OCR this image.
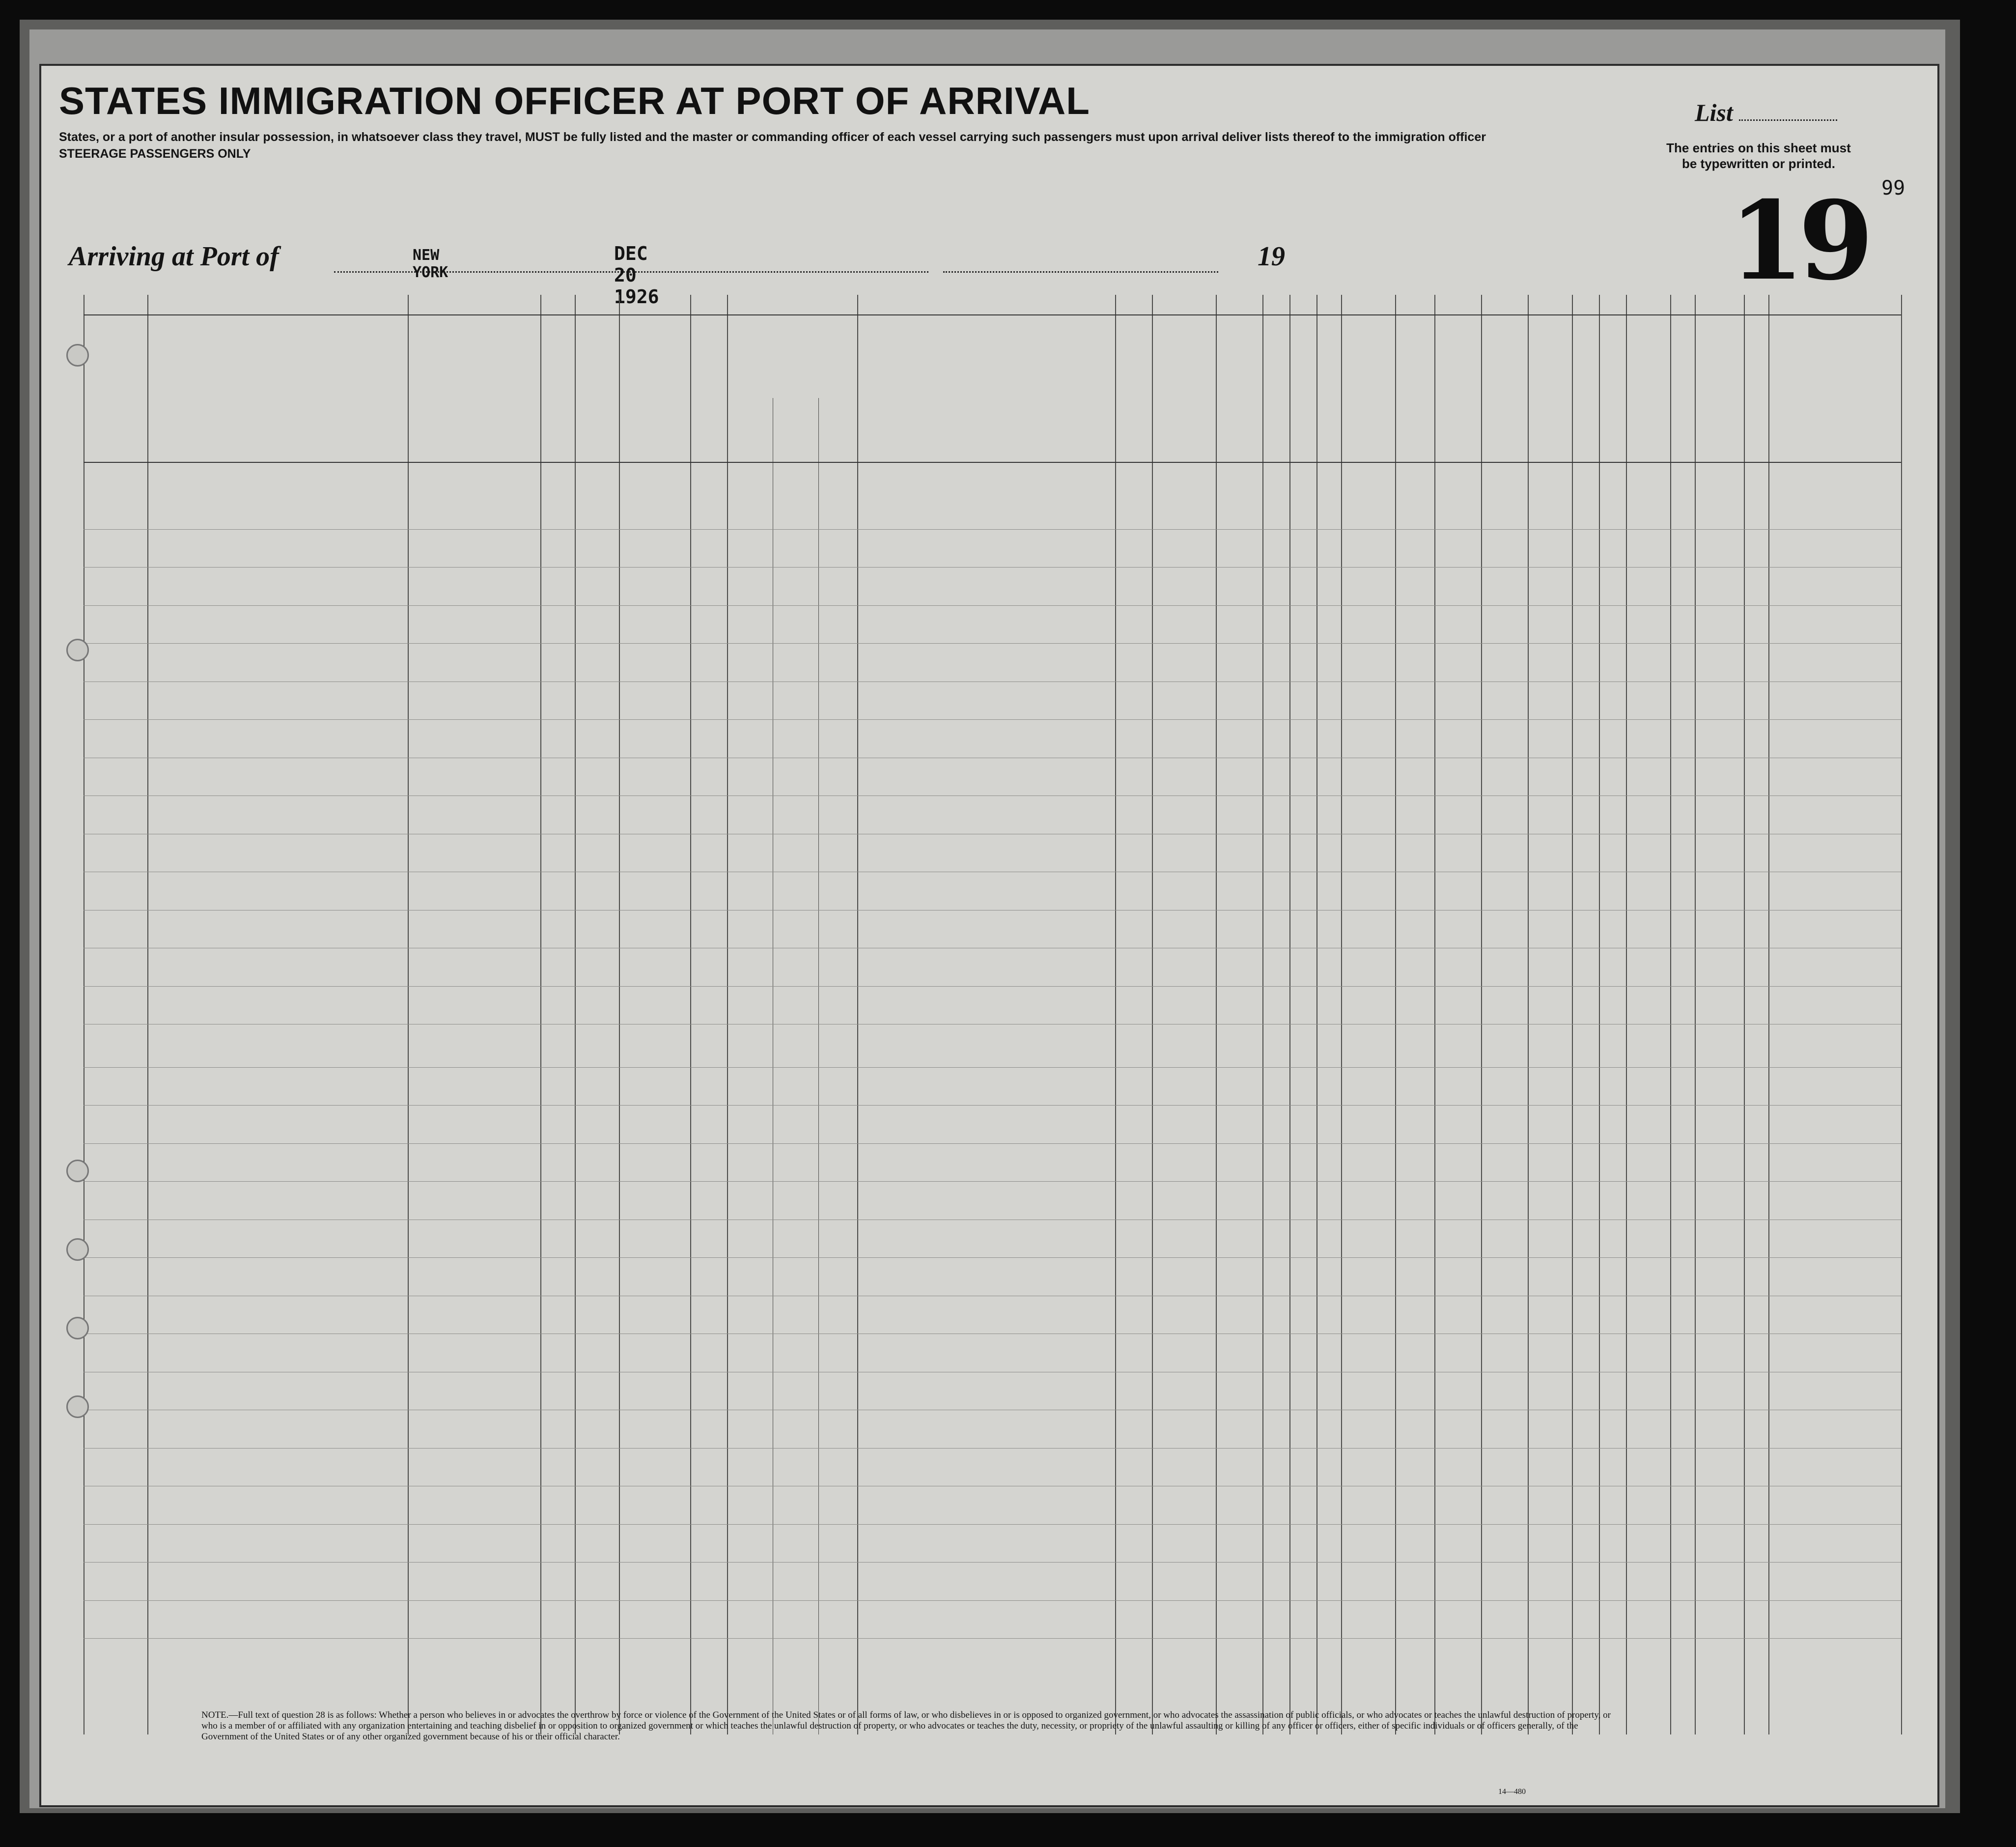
STATES IMMIGRATION OFFICER AT PORT OF ARRIVAL
States, or a port of another insular possession, in whatsoever class they travel, MUST be fully listed and the master or commanding officer of each vessel carrying such passengers must upon arrival deliver lists thereof to the immigration officer
STEERAGE PASSENGERS ONLY
Arriving at Port of	NEW YORK
DEC 20 1926
19
List
The entries on this sheet must be typewritten or printed.
19 99
NOTE.—Full text of question 28 is as follows: Whether a person who believes in or advocates the overthrow by force or violence of the Government of the United States or of all forms of law, or who disbelieves in or is opposed to organized government, or who advocates the assassination of public officials, or who advocates or teaches the unlawful destruction of property, or who is a member of or affiliated with any organization entertaining and teaching disbelief in or opposition to organized government or which teaches the unlawful destruction of property, or who advocates or teaches the duty, necessity, or propriety of the unlawful assaulting or killing of any officer or officers, either of specific individuals or of officers generally, of the Government of the United States or of any other organized government because of his or their official character.
14—480
